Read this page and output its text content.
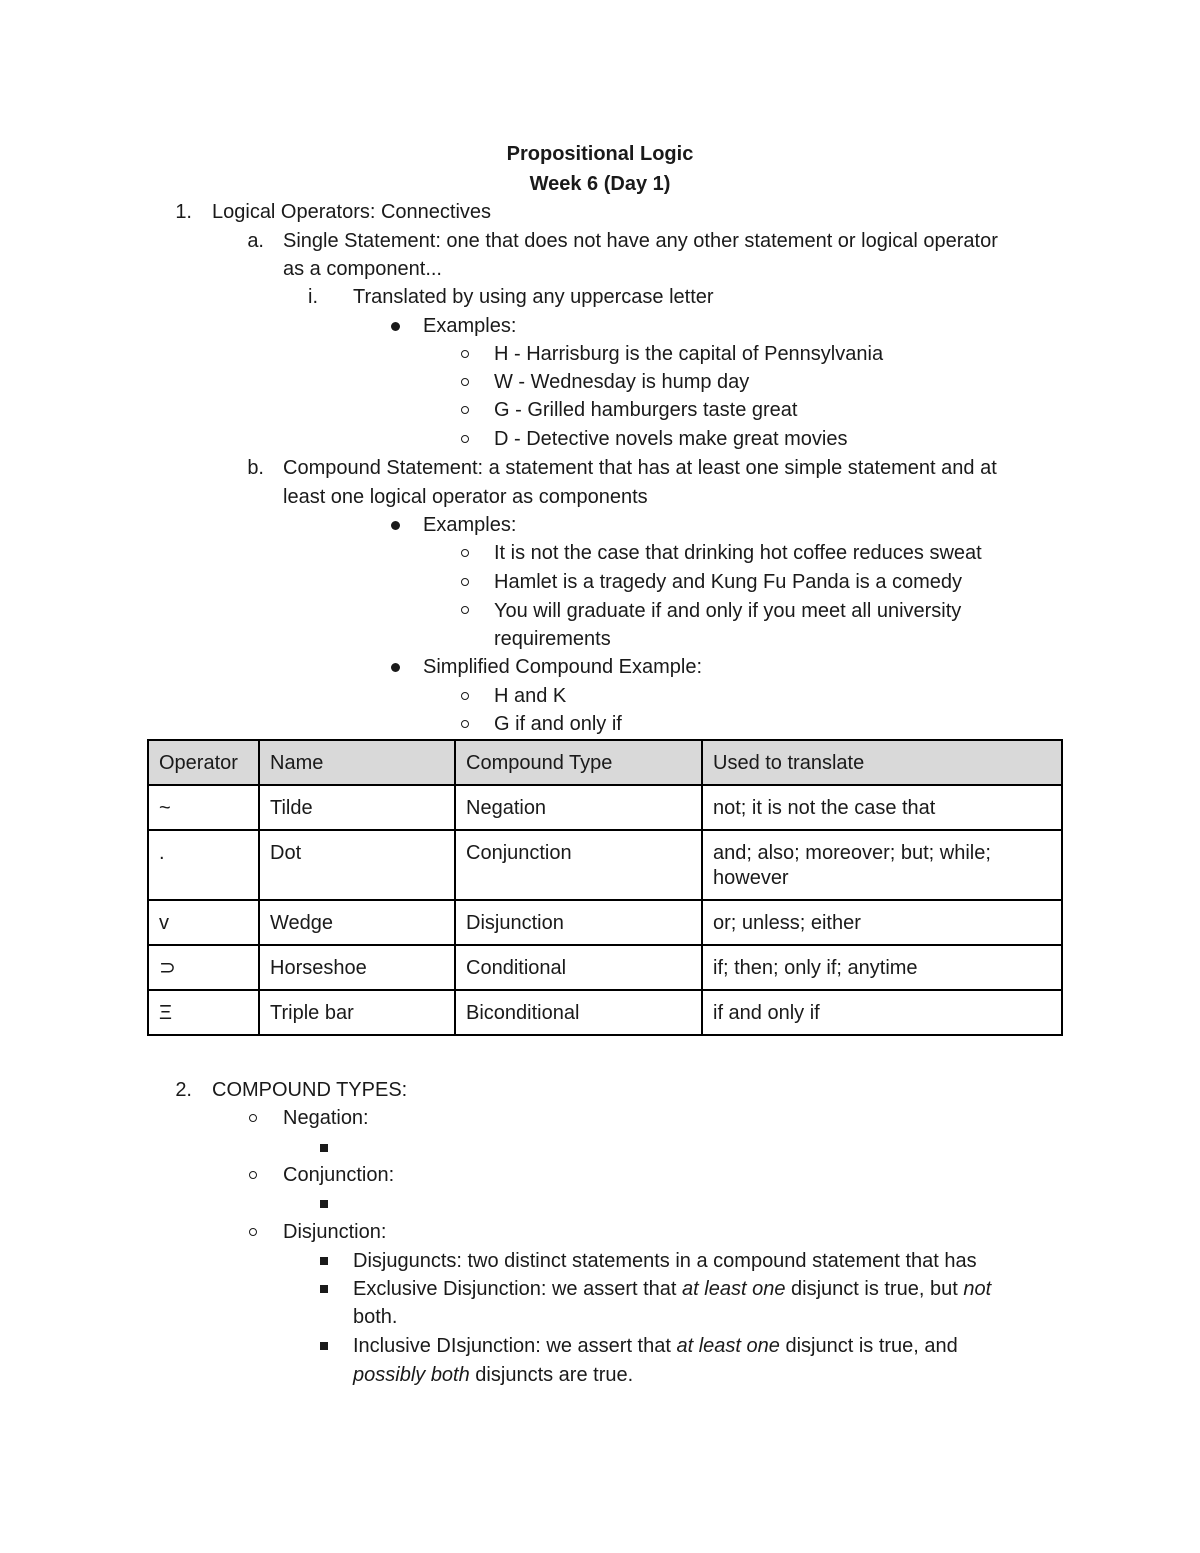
Propositional Logic
Week 6 (Day 1)
1. Logical Operators: Connectives
a. Single Statement: one that does not have any other statement or logical operator
as a component...
i. Translated by using any uppercase letter
Examples:
H - Harrisburg is the capital of Pennsylvania
W - Wednesday is hump day
G - Grilled hamburgers taste great
D - Detective novels make great movies
b. Compound Statement: a statement that has at least one simple statement and at
least one logical operator as components
Examples:
It is not the case that drinking hot coffee reduces sweat
Hamlet is a tragedy and Kung Fu Panda is a comedy
You will graduate if and only if you meet all university
requirements
Simplified Compound Example:
H and K
G if and only if
Operator	Name	Compound Type	Used to translate
~	Tilde	Negation	not; it is not the case that
.	Dot	Conjunction	and; also; moreover; but; while; however
v	Wedge	Disjunction	or; unless; either
⊃	Horseshoe	Conditional	if; then; only if; anytime
Ξ	Triple bar	Biconditional	if and only if
2. COMPOUND TYPES:
Negation:
Conjunction:
Disjunction:
Disjuguncts: two distinct statements in a compound statement that has
Exclusive Disjunction: we assert that at least one disjunct is true, but not
both.
Inclusive DIsjunction: we assert that at least one disjunct is true, and
possibly both disjuncts are true.
